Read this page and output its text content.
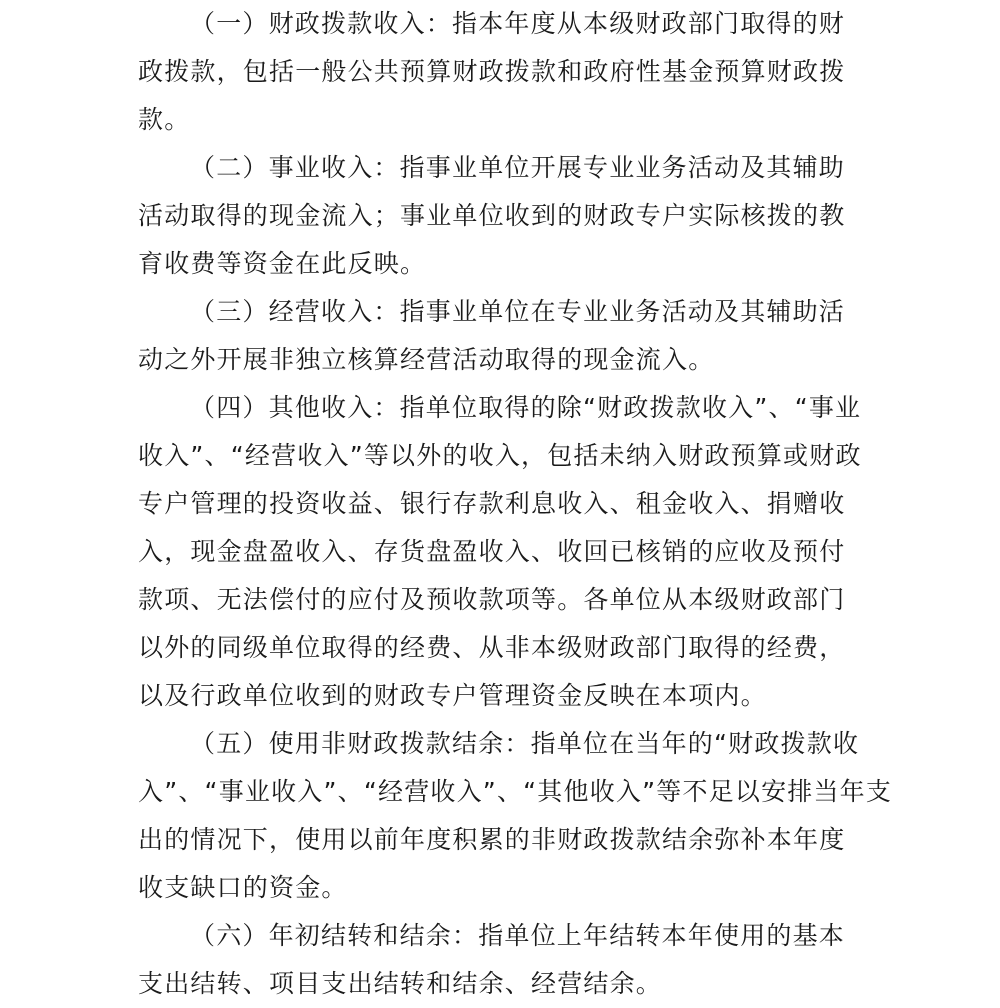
（一）财政拨款收入：指本年度从本级财政部门取得的财
政拨款，包括一般公共预算财政拨款和政府性基金预算财政拨
款。

（二）事业收入：指事业单位开展专业业务活动及其辅助
活动取得的现金流入；事业单位收到的财政专户实际核拨的教
育收费等资金在此反映。

（三）经营收入：指事业单位在专业业务活动及其辅助活
动之外开展非独立核算经营活动取得的现金流入。

（四）其他收入：指单位取得的除“财政拨款收入”、“事业
收入”、“经营收入”等以外的收入，包括未纳入财政预算或财政
专户管理的投资收益、银行存款利息收入、租金收入、捐赠收
入，现金盘盈收入、存货盘盈收入、收回已核销的应收及预付
款项、无法偿付的应付及预收款项等。各单位从本级财政部门
以外的同级单位取得的经费、从非本级财政部门取得的经费，
以及行政单位收到的财政专户管理资金反映在本项内。

（五）使用非财政拨款结余：指单位在当年的“财政拨款收
入”、“事业收入”、“经营收入”、“其他收入”等不足以安排当年支
出的情况下，使用以前年度积累的非财政拨款结余弥补本年度
收支缺口的资金。

（六）年初结转和结余：指单位上年结转本年使用的基本
支出结转、项目支出结转和结余、经营结余。
